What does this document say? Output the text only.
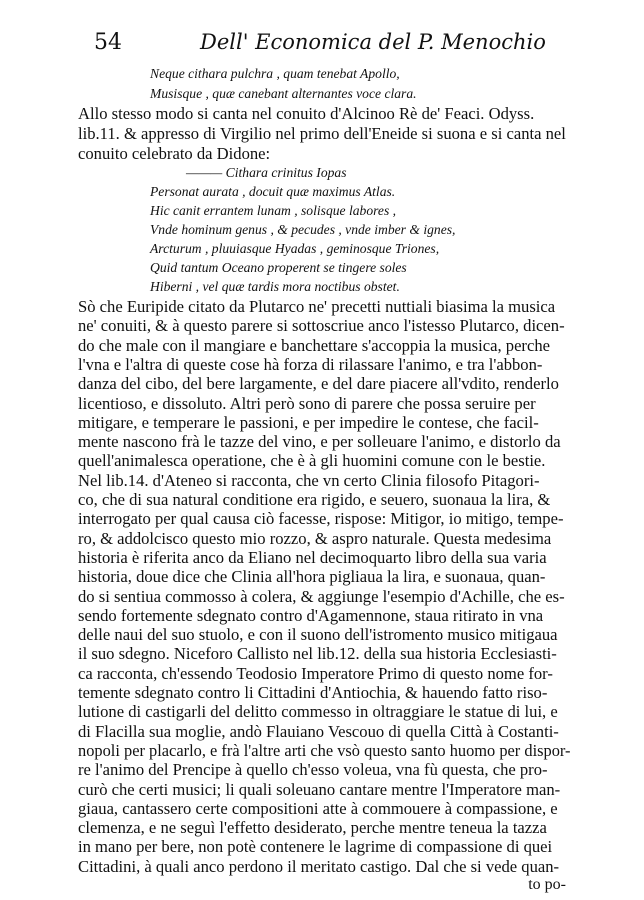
54	Dell' Economica del P. Menochio
Neque cithara pulchra , quam tenebat Apollo,
Musisque , quæ canebant alternantes voce clara.
Allo stesso modo si canta nel conuito d'Alcinoo Rè de' Feaci. Odyss.
lib.11. & appresso di Virgilio nel primo dell'Eneide si suona e si canta nel
conuito celebrato da Didone:
——— Cithara crinitus Iopas
Personat aurata , docuit quæ maximus Atlas.
Hic canit errantem lunam , solisque labores ,
Vnde hominum genus , & pecudes , vnde imber & ignes,
Arcturum , pluuiasque Hyadas , geminosque Triones,
Quid tantum Oceano properent se tingere soles
Hiberni , vel quæ tardis mora noctibus obstet.
Sò che Euripide citato da Plutarco ne' precetti nuttiali biasima la musica
ne' conuiti, & à questo parere si sottoscriue anco l'istesso Plutarco, dicen-
do che male con il mangiare e banchettare s'accoppia la musica, perche
l'vna e l'altra di queste cose hà forza di rilassare l'animo, e tra l'abbon-
danza del cibo, del bere largamente, e del dare piacere all'vdito, renderlo
licentioso, e dissoluto. Altri però sono di parere che possa seruire per
mitigare, e temperare le passioni, e per impedire le contese, che facil-
mente nascono frà le tazze del vino, e per solleuare l'animo, e distorlo da
quell'animalesca operatione, che è à gli huomini comune con le bestie.
Nel lib.14. d'Ateneo si racconta, che vn certo Clinia filosofo Pitagori-
co, che di sua natural conditione era rigido, e seuero, suonaua la lira, &
interrogato per qual causa ciò facesse, rispose: Mitigor, io mitigo, tempe-
ro, & addolcisco questo mio rozzo, & aspro naturale. Questa medesima
historia è riferita anco da Eliano nel decimoquarto libro della sua varia
historia, doue dice che Clinia all'hora pigliaua la lira, e suonaua, quan-
do si sentiua commosso à colera, & aggiunge l'esempio d'Achille, che es-
sendo fortemente sdegnato contro d'Agamennone, staua ritirato in vna
delle naui del suo stuolo, e con il suono dell'istromento musico mitigaua
il suo sdegno. Niceforo Callisto nel lib.12. della sua historia Ecclesiasti-
ca racconta, ch'essendo Teodosio Imperatore Primo di questo nome for-
temente sdegnato contro li Cittadini d'Antiochia, & hauendo fatto riso-
lutione di castigarli del delitto commesso in oltraggiare le statue di lui, e
di Flacilla sua moglie, andò Flauiano Vescouo di quella Città à Costanti-
nopoli per placarlo, e frà l'altre arti che vsò questo santo huomo per dispor-
re l'animo del Prencipe à quello ch'esso voleua, vna fù questa, che pro-
curò che certi musici; li quali soleuano cantare mentre l'Imperatore man-
giaua, cantassero certe compositioni atte à commouere à compassione, e
clemenza, e ne seguì l'effetto desiderato, perche mentre teneua la tazza
in mano per bere, non potè contenere le lagrime di compassione di quei
Cittadini, à quali anco perdono il meritato castigo. Dal che si vede quan-
to po-
